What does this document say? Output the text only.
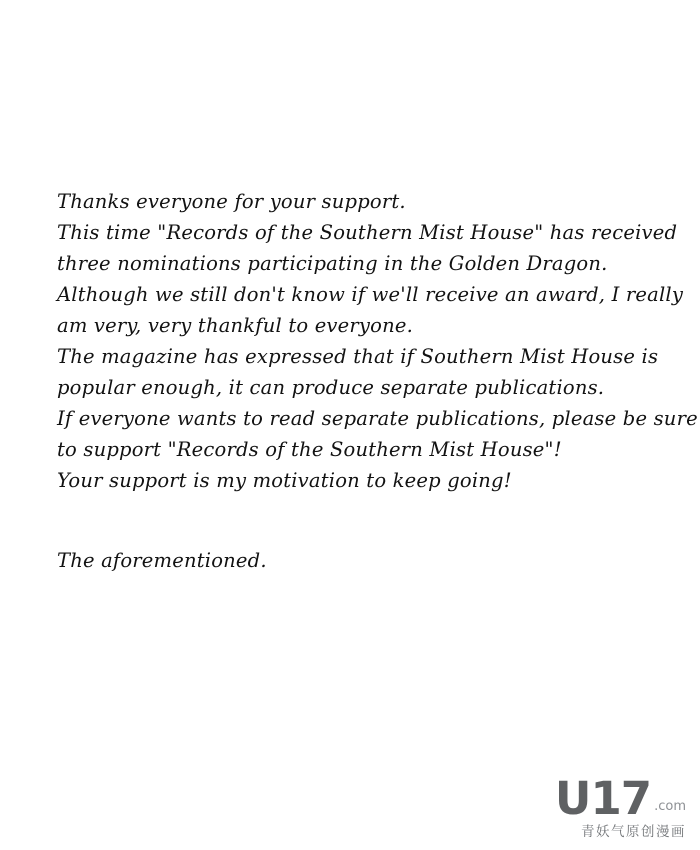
Thanks everyone for your support.
This time "Records of the Southern Mist House" has received
three nominations participating in the Golden Dragon.
Although we still don't know if we'll receive an award, I really
am very, very thankful to everyone.
The magazine has expressed that if Southern Mist House is
popular enough, it can produce separate publications.
If everyone wants to read separate publications, please be sure
to support "Records of the Southern Mist House"!
Your support is my motivation to keep going!
The aforementioned.
U17 .com
青妖气原创漫画
